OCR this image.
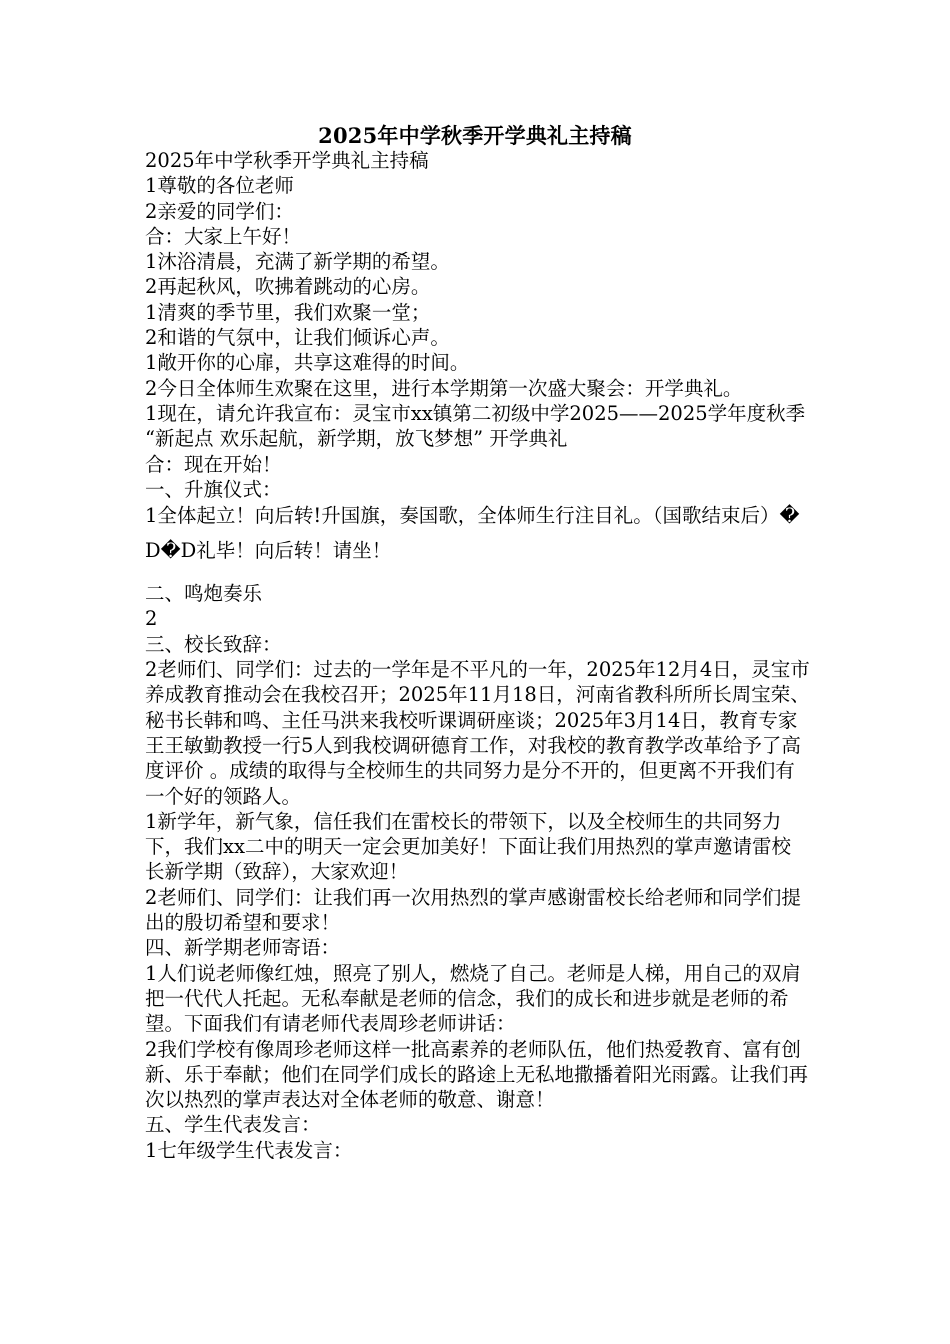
2025年中学秋季开学典礼主持稿

2025年中学秋季开学典礼主持稿

1尊敬的各位老师

2亲爱的同学们：

合：大家上午好！

1沐浴清晨，充满了新学期的希望。

2再起秋风，吹拂着跳动的心房。

1清爽的季节里，我们欢聚一堂；

2和谐的气氛中，让我们倾诉心声。

1敞开你的心扉，共享这难得的时间。

2今日全体师生欢聚在这里，进行本学期第一次盛大聚会：开学典礼。

1现在，请允许我宣布：灵宝市xx镇第二初级中学2025——2025学年度秋季 “新起点 欢乐起航，新学期，放飞梦想” 开学典礼

合：现在开始！

一、升旗仪式：

1全体起立！向后转!升国旗，奏国歌，全体师生行注目礼。（国歌结束后）�D�D礼毕！向后转！请坐！

二、鸣炮奏乐

2

三、校长致辞：

2老师们、同学们：过去的一学年是不平凡的一年，2025年12月4日，灵宝市养成教育推动会在我校召开；2025年11月18日，河南省教科所所长周宝荣、秘书长韩和鸣、主任马洪来我校听课调研座谈；2025年3月14日，教育专家王王敏勤教授一行5人到我校调研德育工作，对我校的教育教学改革给予了高度评价 。成绩的取得与全校师生的共同努力是分不开的，但更离不开我们有一个好的领路人。

1新学年，新气象，信任我们在雷校长的带领下，以及全校师生的共同努力下，我们xx二中的明天一定会更加美好！下面让我们用热烈的掌声邀请雷校长新学期（致辞），大家欢迎！

2老师们、同学们：让我们再一次用热烈的掌声感谢雷校长给老师和同学们提出的殷切希望和要求！

四、新学期老师寄语：

1人们说老师像红烛，照亮了别人，燃烧了自己。老师是人梯，用自己的双肩把一代代人托起。无私奉献是老师的信念，我们的成长和进步就是老师的希望。下面我们有请老师代表周珍老师讲话：

2我们学校有像周珍老师这样一批高素养的老师队伍，他们热爱教育、富有创新、乐于奉献；他们在同学们成长的路途上无私地撒播着阳光雨露。让我们再次以热烈的掌声表达对全体老师的敬意、谢意！

五、学生代表发言：

1七年级学生代表发言：
